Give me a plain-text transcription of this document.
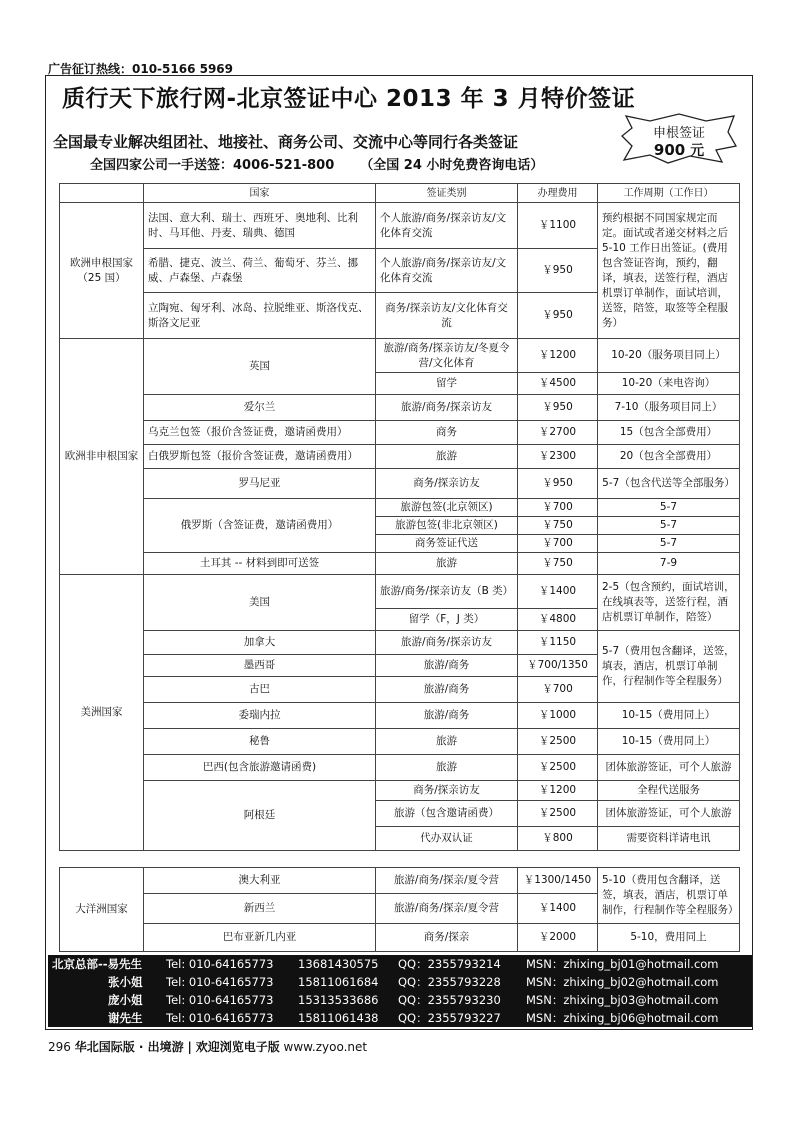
广告征订热线：010-5166 5969
质行天下旅行网-北京签证中心 2013 年 3 月特价签证
全国最专业解决组团社、地接社、商务公司、交流中心等同行各类签证
全国四家公司一手送签：4006-521-800 （全国 24 小时免费咨询电话）
申根签证
900 元
	国家	签证类别	办理费用	工作周期（工作日）
欧洲申根国家（25 国）	法国、意大利、瑞士、西班牙、奥地利、比利时、马耳他、丹麦、瑞典、德国	个人旅游/商务/探亲访友/文化体育交流	￥1100	预约根据不同国家规定而定。面试或者递交材料之后5-10 工作日出签证。(费用包含签证咨询，预约，翻译，填表，送签行程，酒店机票订单制作，面试培训，送签，陪签，取签等全程服务）
	希腊、捷克、波兰、荷兰、葡萄牙、芬兰、挪威、卢森堡、卢森堡	个人旅游/商务/探亲访友/文化体育交流	￥950	
	立陶宛、匈牙利、冰岛、拉脱维亚、斯洛伐克、斯洛文尼亚	商务/探亲访友/文化体育交流	￥950	
欧洲非申根国家	英国	旅游/商务/探亲访友/冬夏令营/文化体育	￥1200	10-20（服务项目同上）
		留学	￥4500	10-20（来电咨询）
	爱尔兰	旅游/商务/探亲访友	￥950	7-10（服务项目同上）
	乌克兰包签（报价含签证费，邀请函费用）	商务	￥2700	15（包含全部费用）
	白俄罗斯包签（报价含签证费，邀请函费用）	旅游	￥2300	20（包含全部费用）
	罗马尼亚	商务/探亲访友	￥950	5-7（包含代送等全部服务）
	俄罗斯（含签证费，邀请函费用）	旅游包签(北京领区)	￥700	5-7
		旅游包签(非北京领区)	￥750	5-7
		商务签证代送	￥700	5-7
	土耳其 -- 材料到即可送签	旅游	￥750	7-9
美洲国家	美国	旅游/商务/探亲访友（B 类）	￥1400	2-5（包含预约，面试培训，在线填表等，送签行程，酒店机票订单制作，陪签）
		留学（F，J 类）	￥4800	
	加拿大	旅游/商务/探亲访友	￥1150	5-7（费用包含翻译，送签，填表，酒店，机票订单制作，行程制作等全程服务）
	墨西哥	旅游/商务	￥700/1350	
	古巴	旅游/商务	￥700	
	委瑞内拉	旅游/商务	￥1000	10-15（费用同上）
	秘鲁	旅游	￥2500	10-15（费用同上）
	巴西(包含旅游邀请函费)	旅游	￥2500	团体旅游签证，可个人旅游
	阿根廷	商务/探亲访友	￥1200	全程代送服务
		旅游（包含邀请函费）	￥2500	团体旅游签证，可个人旅游
		代办双认证	￥800	需要资料详请电讯
大洋洲国家	澳大利亚	旅游/商务/探亲/夏令营	￥1300/1450	5-10（费用包含翻译，送签，填表，酒店，机票订单制作，行程制作等全程服务）
	新西兰	旅游/商务/探亲/夏令营	￥1400	
	巴布亚新几内亚	商务/探亲	￥2000	5-10，费用同上
北京总部--易先生 Tel: 010-64165773 13681430575 QQ：2355793214 MSN：zhixing_bj01@hotmail.com
张小姐 Tel: 010-64165773 15811061684 QQ：2355793228 MSN：zhixing_bj02@hotmail.com
庞小姐 Tel: 010-64165773 15313533686 QQ：2355793230 MSN：zhixing_bj03@hotmail.com
谢先生 Tel: 010-64165773 15811061438 QQ：2355793227 MSN：zhixing_bj06@hotmail.com
296 华北国际版 · 出境游 | 欢迎浏览电子版 www.zyoo.net
